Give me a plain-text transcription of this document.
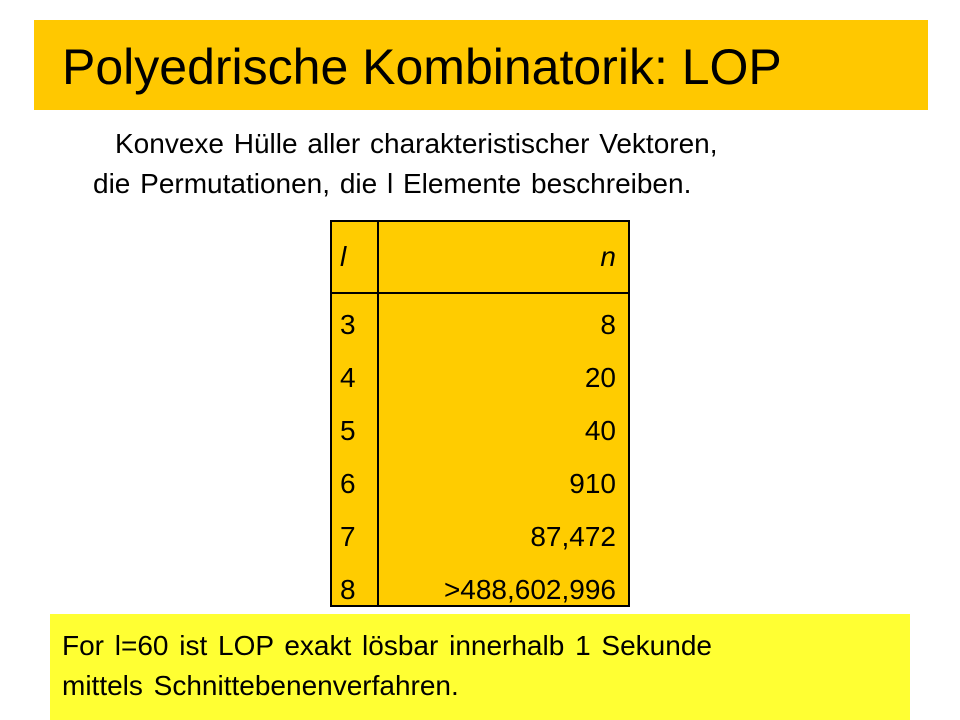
Polyedrische Kombinatorik: LOP
Konvexe Hülle aller charakteristischer Vektoren,
die Permutationen, die l Elemente beschreiben.
l	n
3
4
5
6
7
8
8
20
40
910
87,472
>488,602,996
For l=60 ist LOP exakt lösbar innerhalb 1 Sekunde
mittels Schnittebenenverfahren.
